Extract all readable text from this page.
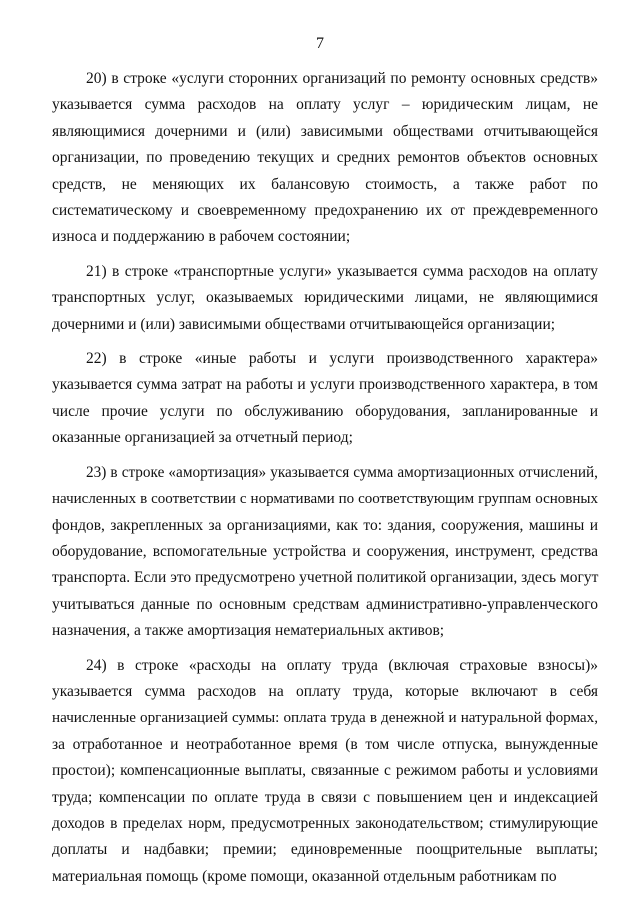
7
20) в строке «услуги сторонних организаций по ремонту основных средств»
указывается сумма расходов на оплату услуг – юридическим лицам, не
являющимися дочерними и (или) зависимыми обществами отчитывающейся
организации, по проведению текущих и средних ремонтов объектов основных
средств, не меняющих их балансовую стоимость, а также работ по
систематическому и своевременному предохранению их от преждевременного
износа и поддержанию в рабочем состоянии;
21) в строке «транспортные услуги» указывается сумма расходов на оплату
транспортных услуг, оказываемых юридическими лицами, не являющимися
дочерними и (или) зависимыми обществами отчитывающейся организации;
22) в строке «иные работы и услуги производственного характера»
указывается сумма затрат на работы и услуги производственного характера, в том
числе прочие услуги по обслуживанию оборудования, запланированные и
оказанные организацией за отчетный период;
23) в строке «амортизация» указывается сумма амортизационных отчислений,
начисленных в соответствии с нормативами по соответствующим группам основных
фондов, закрепленных за организациями, как то: здания, сооружения, машины и
оборудование, вспомогательные устройства и сооружения, инструмент, средства
транспорта. Если это предусмотрено учетной политикой организации, здесь могут
учитываться данные по основным средствам административно-управленческого
назначения, а также амортизация нематериальных активов;
24) в строке «расходы на оплату труда (включая страховые взносы)»
указывается сумма расходов на оплату труда, которые включают в себя
начисленные организацией суммы: оплата труда в денежной и натуральной формах,
за отработанное и неотработанное время (в том числе отпуска, вынужденные
простои); компенсационные выплаты, связанные с режимом работы и условиями
труда; компенсации по оплате труда в связи с повышением цен и индексацией
доходов в пределах норм, предусмотренных законодательством; стимулирующие
доплаты и надбавки; премии; единовременные поощрительные выплаты;
материальная помощь (кроме помощи, оказанной отдельным работникам по
